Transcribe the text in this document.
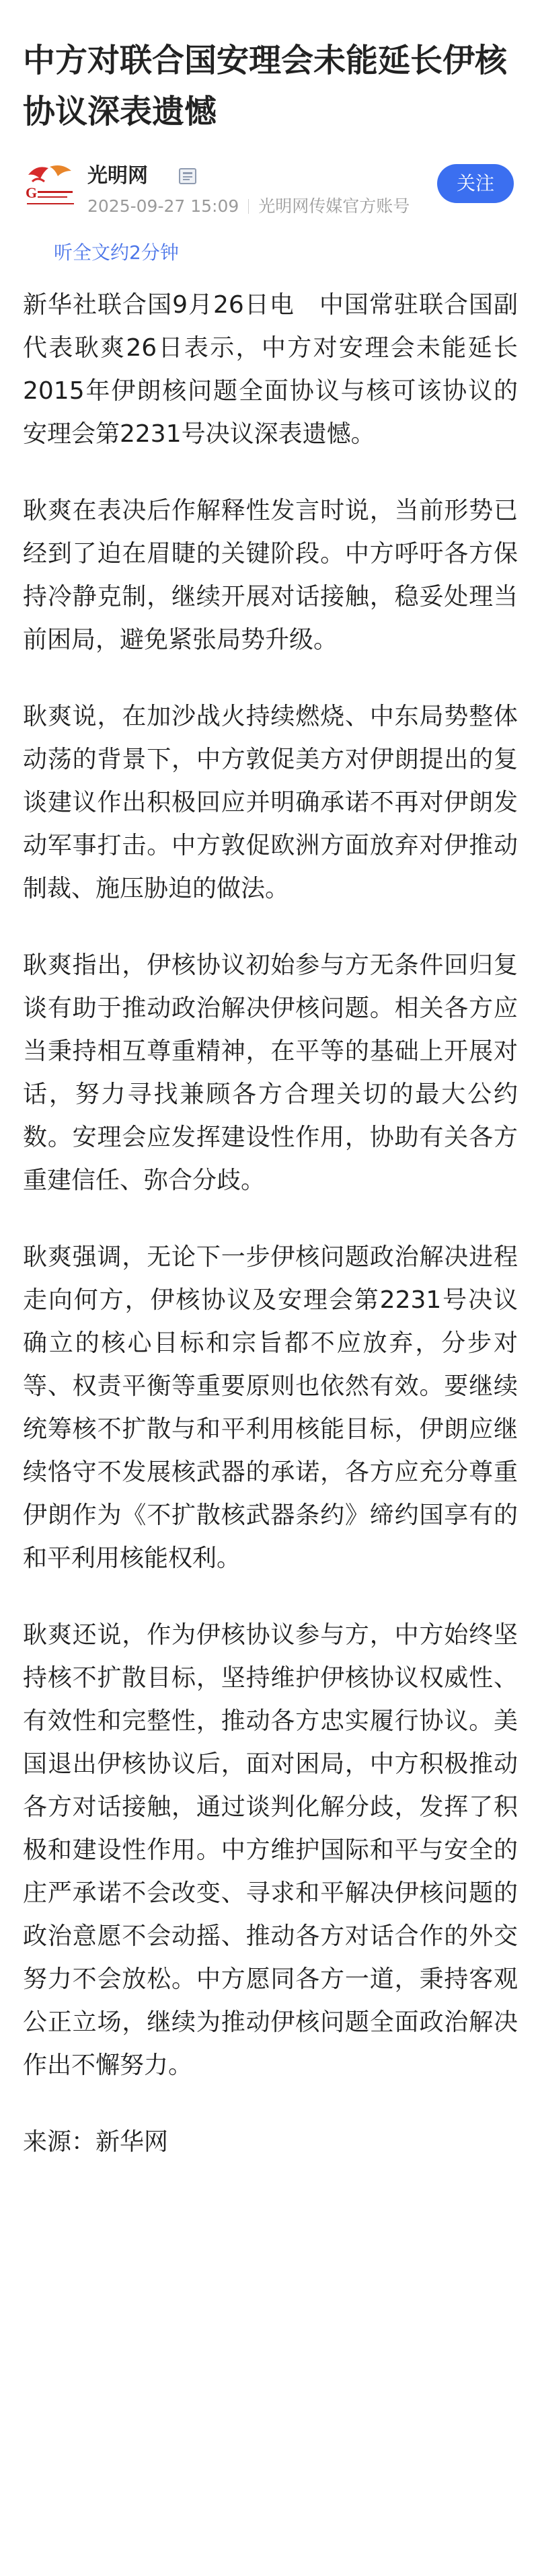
中方对联合国安理会未能延长伊核协议深表遗憾
G
光明网
2025-09-27 15:09 光明网传媒官方账号
关注
听全文约2分钟

新华社联合国9月26日电　中国常驻联合国副代表耿爽26日表示，中方对安理会未能延长2015年伊朗核问题全面协议与核可该协议的安理会第2231号决议深表遗憾。

耿爽在表决后作解释性发言时说，当前形势已经到了迫在眉睫的关键阶段。中方呼吁各方保持冷静克制，继续开展对话接触，稳妥处理当前困局，避免紧张局势升级。

耿爽说，在加沙战火持续燃烧、中东局势整体动荡的背景下，中方敦促美方对伊朗提出的复谈建议作出积极回应并明确承诺不再对伊朗发动军事打击。中方敦促欧洲方面放弃对伊推动制裁、施压胁迫的做法。

耿爽指出，伊核协议初始参与方无条件回归复谈有助于推动政治解决伊核问题。相关各方应当秉持相互尊重精神，在平等的基础上开展对话，努力寻找兼顾各方合理关切的最大公约数。安理会应发挥建设性作用，协助有关各方重建信任、弥合分歧。

耿爽强调，无论下一步伊核问题政治解决进程走向何方，伊核协议及安理会第2231号决议确立的核心目标和宗旨都不应放弃，分步对等、权责平衡等重要原则也依然有效。要继续统筹核不扩散与和平利用核能目标，伊朗应继续恪守不发展核武器的承诺，各方应充分尊重伊朗作为《不扩散核武器条约》缔约国享有的和平利用核能权利。

耿爽还说，作为伊核协议参与方，中方始终坚持核不扩散目标，坚持维护伊核协议权威性、有效性和完整性，推动各方忠实履行协议。美国退出伊核协议后，面对困局，中方积极推动各方对话接触，通过谈判化解分歧，发挥了积极和建设性作用。中方维护国际和平与安全的庄严承诺不会改变、寻求和平解决伊核问题的政治意愿不会动摇、推动各方对话合作的外交努力不会放松。中方愿同各方一道，秉持客观公正立场，继续为推动伊核问题全面政治解决作出不懈努力。

来源：新华网
